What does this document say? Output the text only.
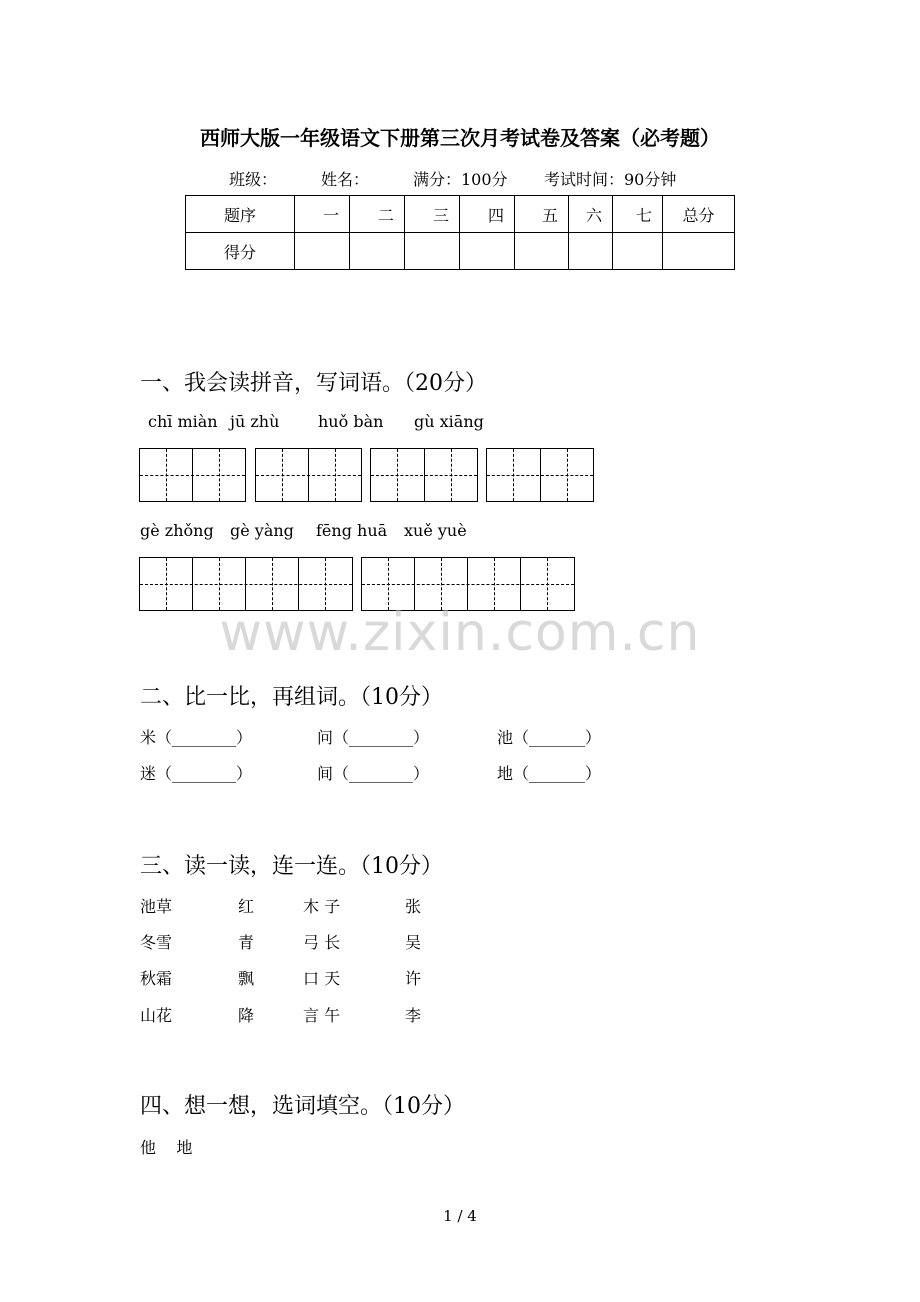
西师大版一年级语文下册第三次月考试卷及答案（必考题）
班级：	姓名：	满分：100分 考试时间：90分钟
题序	一	二	三	四	五	六	七	总分
得分								
一、我会读拼音，写词语。（20分）
chī miàn jū zhù huǒ bàn gù xiāng
gè zhǒng gè yàng fēng huā xuě yuè
www.zixin.com.cn
二、比一比，再组词。（10分）
米（________）	问（________）	池（_______）
迷（________）	间（________）	地（_______）
三、读一读，连一连。（10分）
池草	红	木 子	张
冬雪	青	弓 长	吴
秋霜	飘	口 天	许
山花	降	言 午	李
四、想一想，选词填空。（10分）
他    地
1 / 4
